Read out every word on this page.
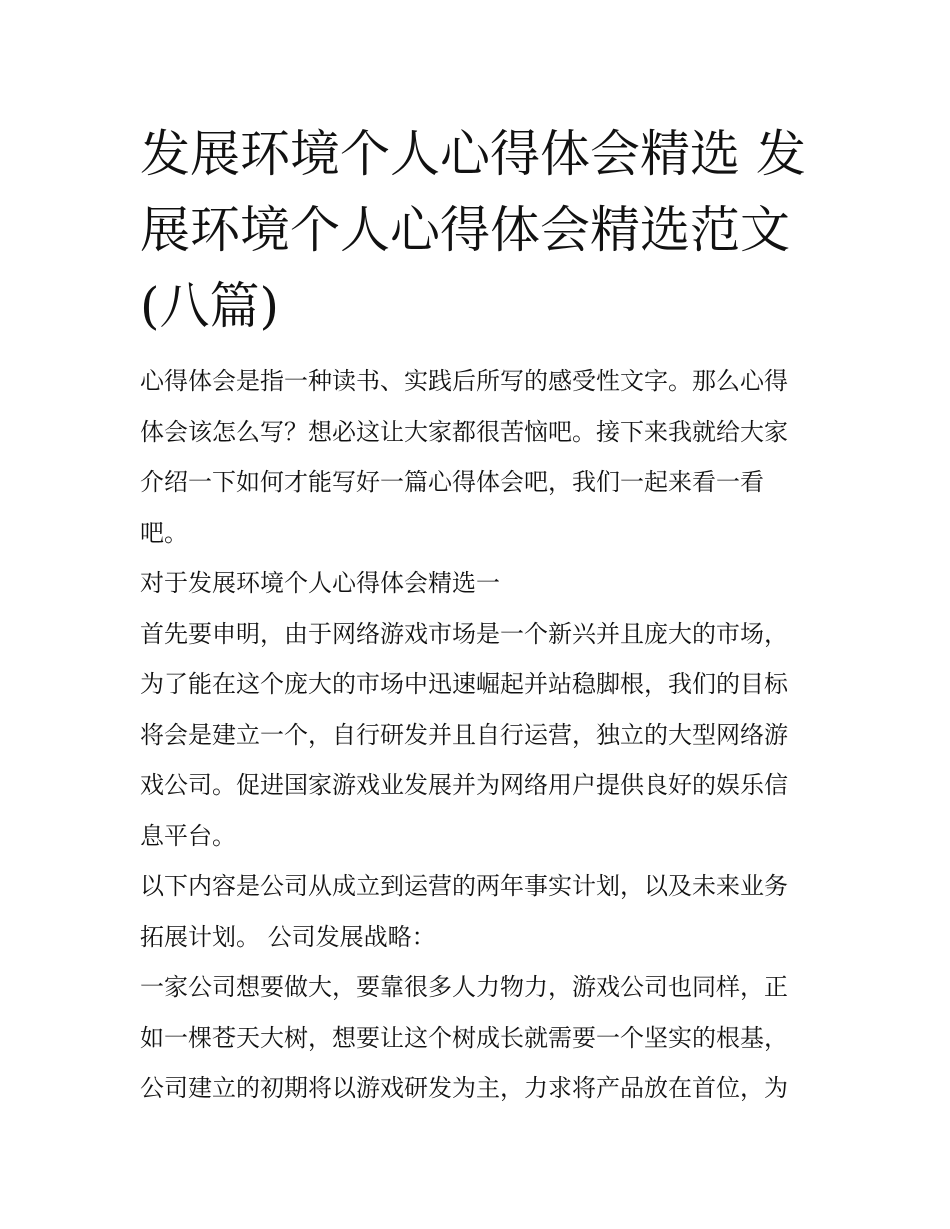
发展环境个人心得体会精选 发
展环境个人心得体会精选范文
(八篇)

心得体会是指一种读书、实践后所写的感受性文字。那么心得
体会该怎么写？想必这让大家都很苦恼吧。接下来我就给大家
介绍一下如何才能写好一篇心得体会吧，我们一起来看一看
吧。

对于发展环境个人心得体会精选一

首先要申明，由于网络游戏市场是一个新兴并且庞大的市场，
为了能在这个庞大的市场中迅速崛起并站稳脚根，我们的目标
将会是建立一个，自行研发并且自行运营，独立的大型网络游
戏公司。促进国家游戏业发展并为网络用户提供良好的娱乐信
息平台。

以下内容是公司从成立到运营的两年事实计划，以及未来业务
拓展计划。 公司发展战略：

一家公司想要做大，要靠很多人力物力，游戏公司也同样，正
如一棵苍天大树，想要让这个树成长就需要一个坚实的根基，
公司建立的初期将以游戏研发为主，力求将产品放在首位，为
